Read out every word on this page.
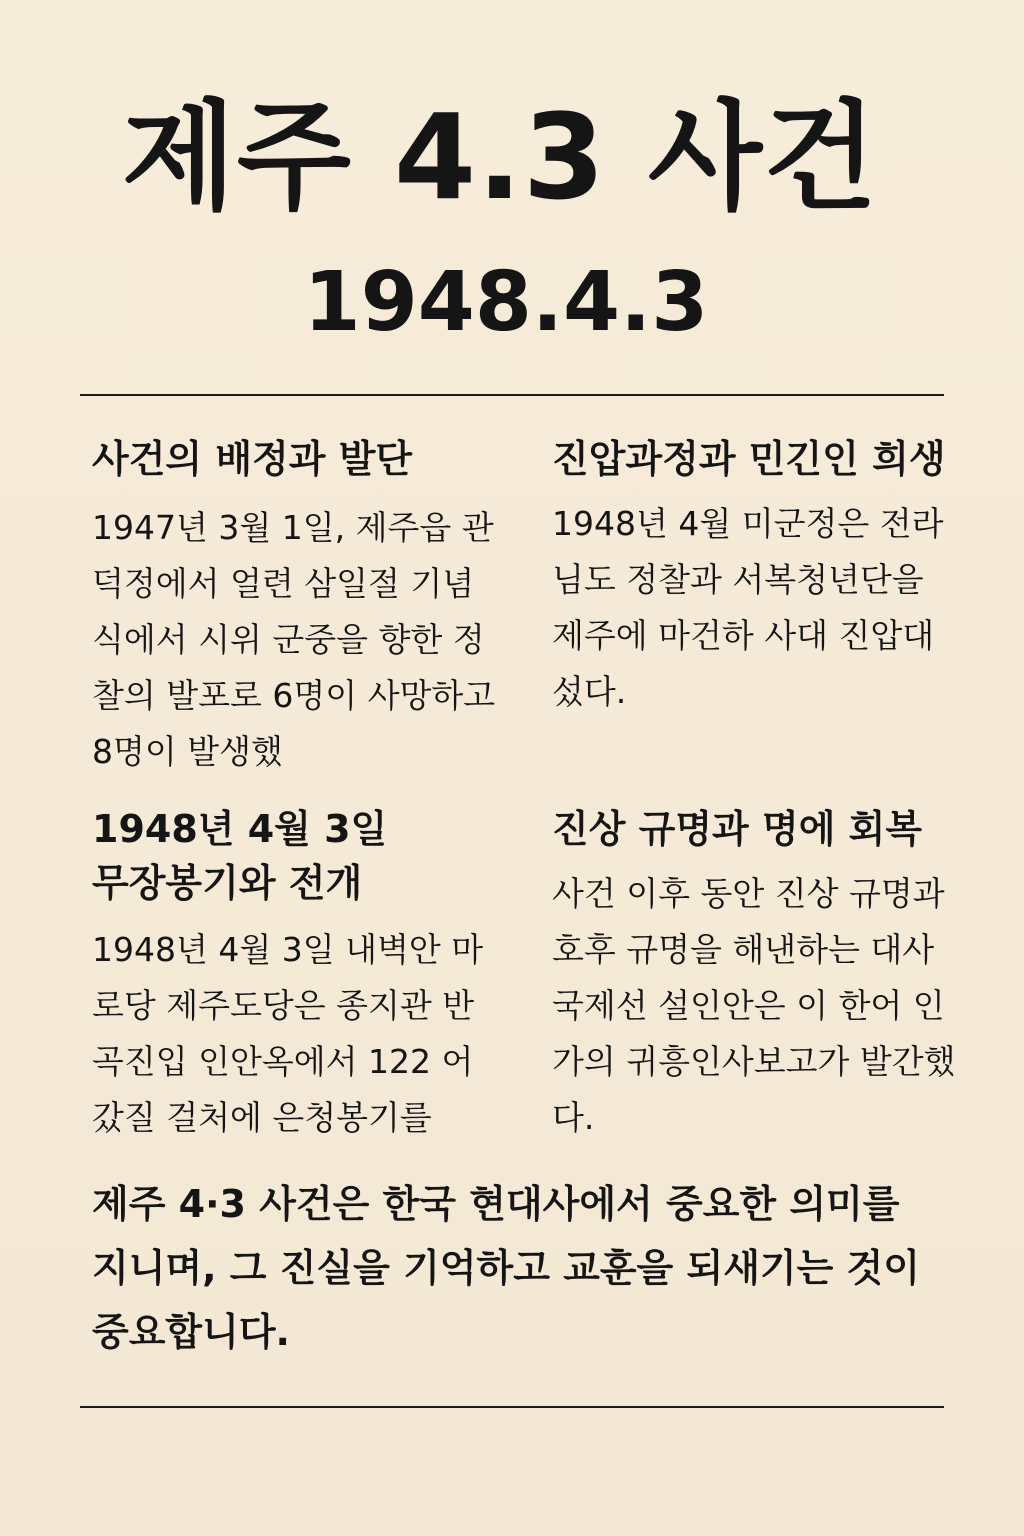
제주 4.3 사건
1948.4.3
사건의 배정과 발단
1947년 3월 1일, 제주읍 관덕정에서 얼련 삼일절 기념식에서 시위 군중을 향한 정찰의 발포로 6명이 사망하고 8명이 발생했
진압과정과 민긴인 희생
1948년 4월 미군정은 전라님도 정찰과 서복청년단을 제주에 마건하 사대 진압대섰다.
1948년 4월 3일 무장봉기와 전개
1948년 4월 3일 내벽안 마로당 제주도당은 종지관 반곡진입 인안옥에서 122 어 갔질 걸처에 은청봉기를
진상 규명과 명에 회복
사건 이후 동안 진상 규명과 호후 규명을 해낸하는 대사 국제선 설인안은 이 한어 인가의 귀흥인사보고가 발간했다.
제주 4·3 사건은 한국 현대사에서 중요한 의미를 지니며, 그 진실을 기억하고 교훈을 되새기는 것이 중요합니다.
